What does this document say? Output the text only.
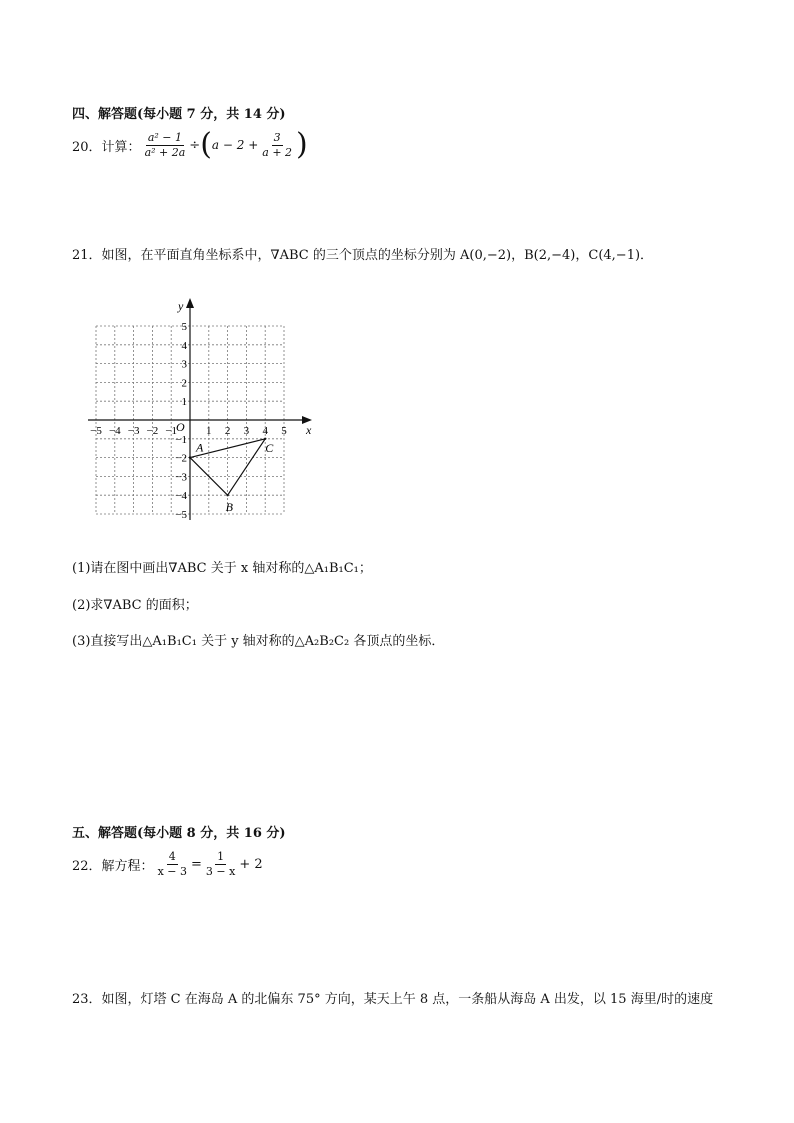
四、解答题(每小题 7 分，共 14 分)
20． 计算： $\frac{\text{a² − 1}}{\text{a² + 2a}}$ ÷ ( $a - 2 + \frac{3}{a + 2}$ )
21．如图，在平面直角坐标系中，∇ABC 的三个顶点的坐标分别为 A(0,−2)，B(2,−4)，C(4,−1)．
x
y
O
−5 −4 −3 −2 −1	1 2 3 4 5
5
4
3
2
1
−1
−2
−3
−4
−5
A
B
C
(1)请在图中画出∇ABC 关于 x 轴对称的△A₁B₁C₁；
(2)求∇ABC 的面积；
(3)直接写出△A₁B₁C₁ 关于 y 轴对称的△A₂B₂C₂ 各顶点的坐标．
五、解答题(每小题 8 分，共 16 分)
22． 解方程： $\frac{4}{x - 3} = \frac{1}{3 - x} + 2$
23．如图，灯塔 C 在海岛 A 的北偏东 75° 方向，某天上午 8 点，一条船从海岛 A 出发，以 15 海里/时的速度
